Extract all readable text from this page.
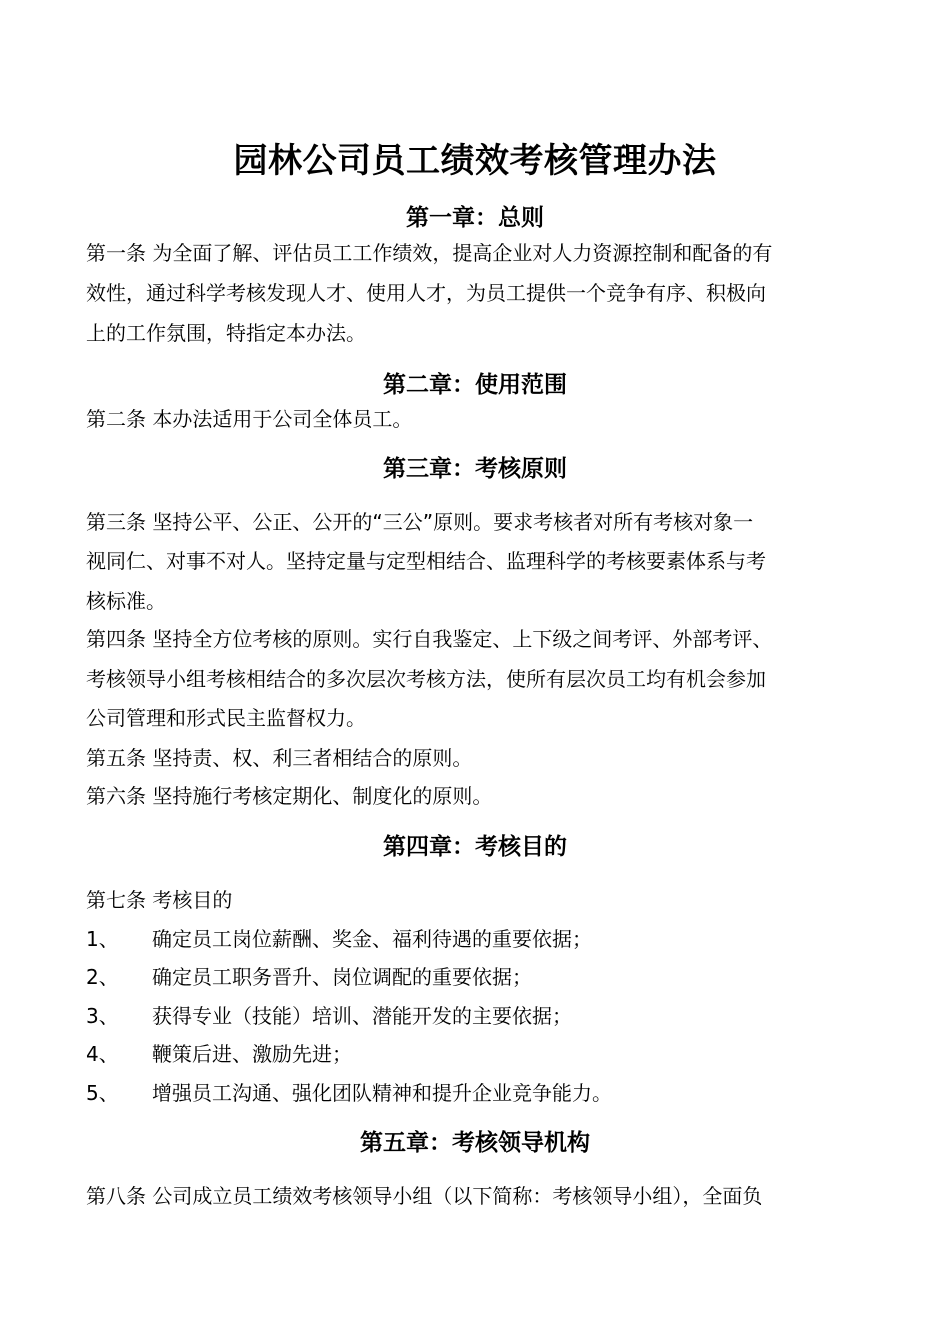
园林公司员工绩效考核管理办法
第一章：总则
第一条 为全面了解、评估员工工作绩效，提高企业对人力资源控制和配备的有
效性，通过科学考核发现人才、使用人才，为员工提供一个竞争有序、积极向
上的工作氛围，特指定本办法。
第二章：使用范围
第二条 本办法适用于公司全体员工。
第三章：考核原则
第三条 坚持公平、公正、公开的“三公”原则。要求考核者对所有考核对象一
视同仁、对事不对人。坚持定量与定型相结合、监理科学的考核要素体系与考
核标准。
第四条 坚持全方位考核的原则。实行自我鉴定、上下级之间考评、外部考评、
考核领导小组考核相结合的多次层次考核方法，使所有层次员工均有机会参加
公司管理和形式民主监督权力。
第五条 坚持责、权、利三者相结合的原则。
第六条 坚持施行考核定期化、制度化的原则。
第四章：考核目的
第七条 考核目的
1、 确定员工岗位薪酬、奖金、福利待遇的重要依据；
2、 确定员工职务晋升、岗位调配的重要依据；
3、 获得专业（技能）培训、潜能开发的主要依据；
4、 鞭策后进、激励先进；
5、 增强员工沟通、强化团队精神和提升企业竞争能力。
第五章：考核领导机构
第八条 公司成立员工绩效考核领导小组（以下简称：考核领导小组），全面负
